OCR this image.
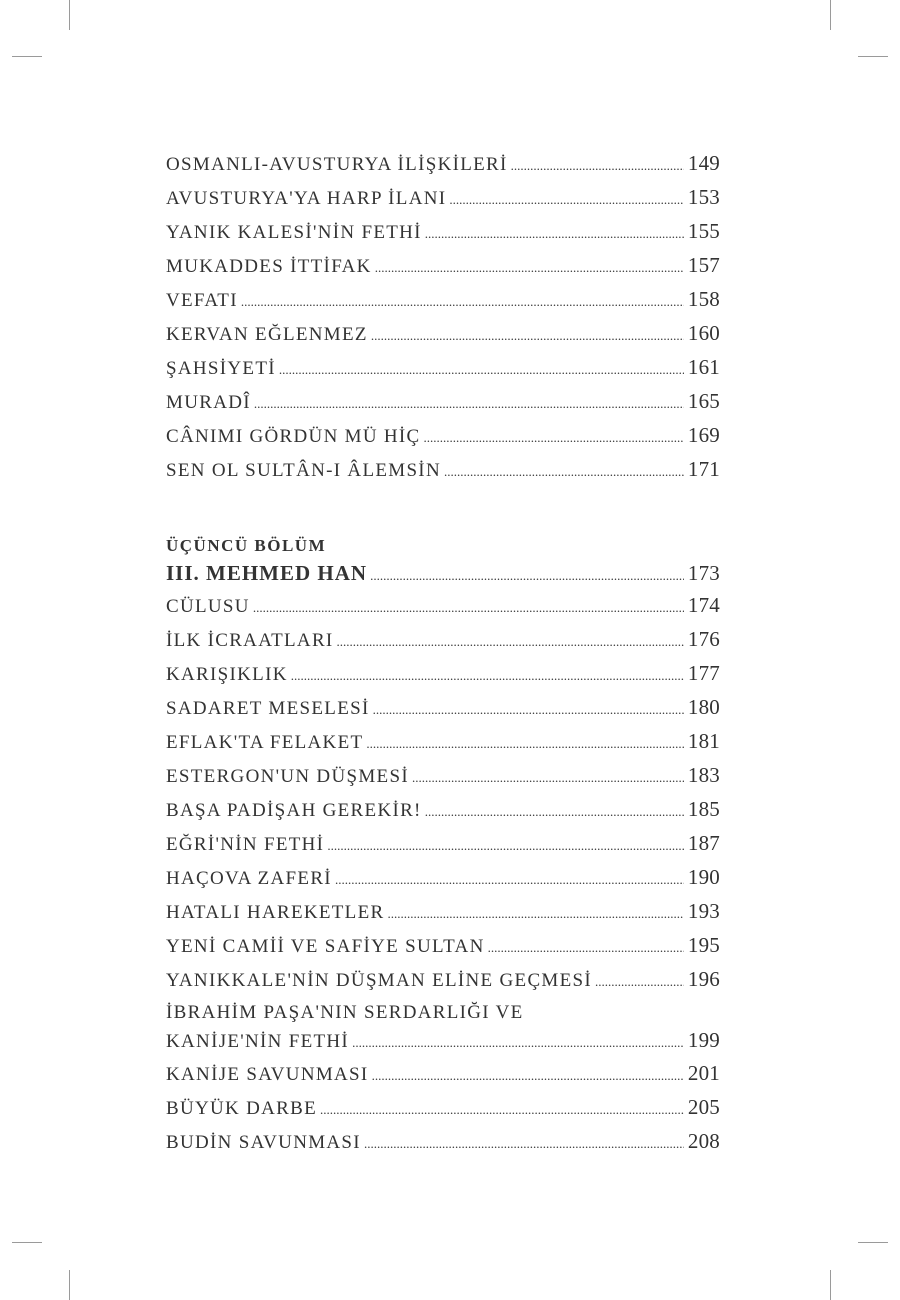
OSMANLI-AVUSTURYA İLİŞKİLERİ .....	149
AVUSTURYA'YA HARP İLANI .....	153
YANIK KALESİ'NİN FETHİ .....	155
MUKADDES İTTİFAK .....	157
VEFATI .....	158
KERVAN EĞLENMEZ .....	160
ŞAHSİYETİ .....	161
MURADÎ .....	165
CÂNIMI GÖRDÜN MÜ HİÇ .....	169
SEN OL SULTÂN-I ÂLEMSİN .....	171
ÜÇÜNCÜ BÖLÜM
III. MEHMED HAN .....	173
CÜLUSU .....	174
İLK İCRAATLARI .....	176
KARIŞIKLIK .....	177
SADARET MESELESİ .....	180
EFLAK'TA FELAKET .....	181
ESTERGON'UN DÜŞMESİ .....	183
BAŞA PADİŞAH GEREKİR! .....	185
EĞRİ'NİN FETHİ .....	187
HAÇOVA ZAFERİ .....	190
HATALI HAREKETLER .....	193
YENİ CAMİİ VE SAFİYE SULTAN .....	195
YANIKKALE'NİN DÜŞMAN ELİNE GEÇMESİ .....	196
İBRAHİM PAŞA'NIN SERDARLIĞI VE
KANİJE'NİN FETHİ .....	199
KANİJE SAVUNMASI .....	201
BÜYÜK DARBE .....	205
BUDİN SAVUNMASI .....	208
